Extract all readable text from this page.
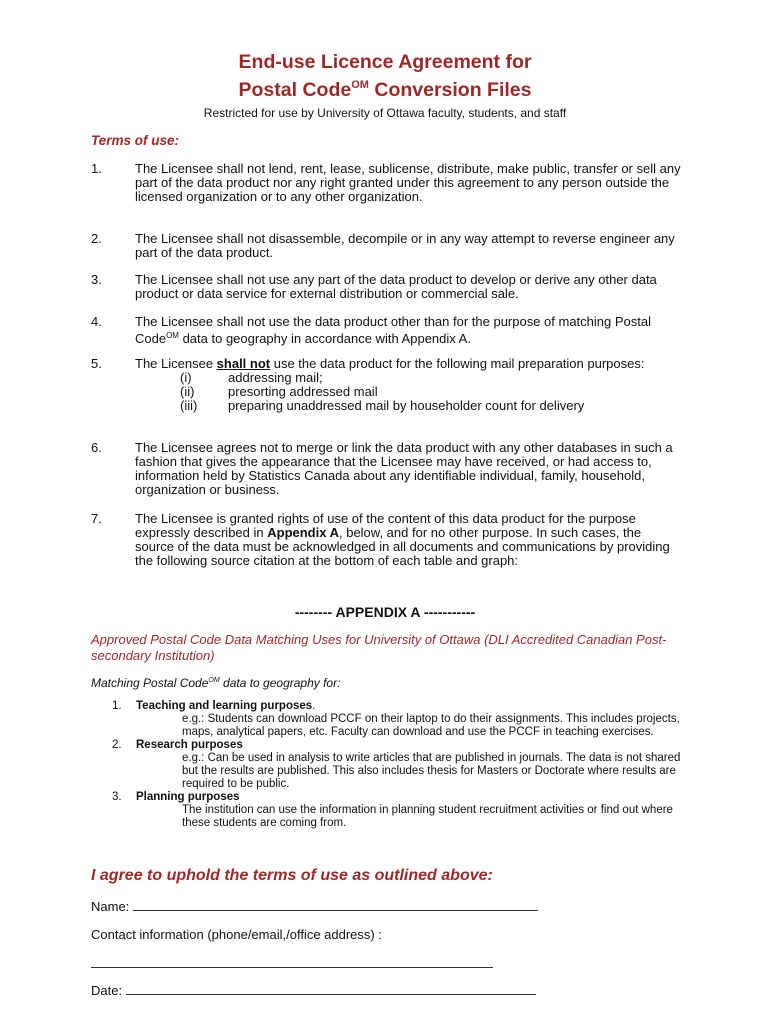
End-use Licence Agreement for
Postal Code$^{OM}$ Conversion Files
Restricted for use by University of Ottawa faculty, students, and staff
Terms of use:
1.	The Licensee shall not lend, rent, lease, sublicense, distribute, make public, transfer or sell any part of the data product nor any right granted under this agreement to any person outside the licensed organization or to any other organization.
2.	The Licensee shall not disassemble, decompile or in any way attempt to reverse engineer any part of the data product.
3.	The Licensee shall not use any part of the data product to develop or derive any other data product or data service for external distribution or commercial sale.
4.	The Licensee shall not use the data product other than for the purpose of matching Postal Code$^{OM}$ data to geography in accordance with Appendix A.
5.	The Licensee shall not use the data product for the following mail preparation purposes:
(i)	addressing mail;
(ii)	presorting addressed mail
(iii)	preparing unaddressed mail by householder count for delivery
6.	The Licensee agrees not to merge or link the data product with any other databases in such a fashion that gives the appearance that the Licensee may have received, or had access to, information held by Statistics Canada about any identifiable individual, family, household, organization or business.
7.	The Licensee is granted rights of use of the content of this data product for the purpose expressly described in Appendix A, below, and for no other purpose. In such cases, the source of the data must be acknowledged in all documents and communications by providing the following source citation at the bottom of each table and graph:
-------- APPENDIX A -----------
Approved Postal Code Data Matching Uses for University of Ottawa (DLI Accredited Canadian Post-secondary Institution)
Matching Postal Code$^{OM}$ data to geography for:
1. Teaching and learning purposes.
e.g.: Students can download PCCF on their laptop to do their assignments. This includes projects, maps, analytical papers, etc. Faculty can download and use the PCCF in teaching exercises.
2. Research purposes
e.g.: Can be used in analysis to write articles that are published in journals. The data is not shared but the results are published. This also includes thesis for Masters or Doctorate where results are required to be public.
3. Planning purposes
The institution can use the information in planning student recruitment activities or find out where these students are coming from.
I agree to uphold the terms of use as outlined above:
Name:
Contact information (phone/email,/office address) :
Date:
